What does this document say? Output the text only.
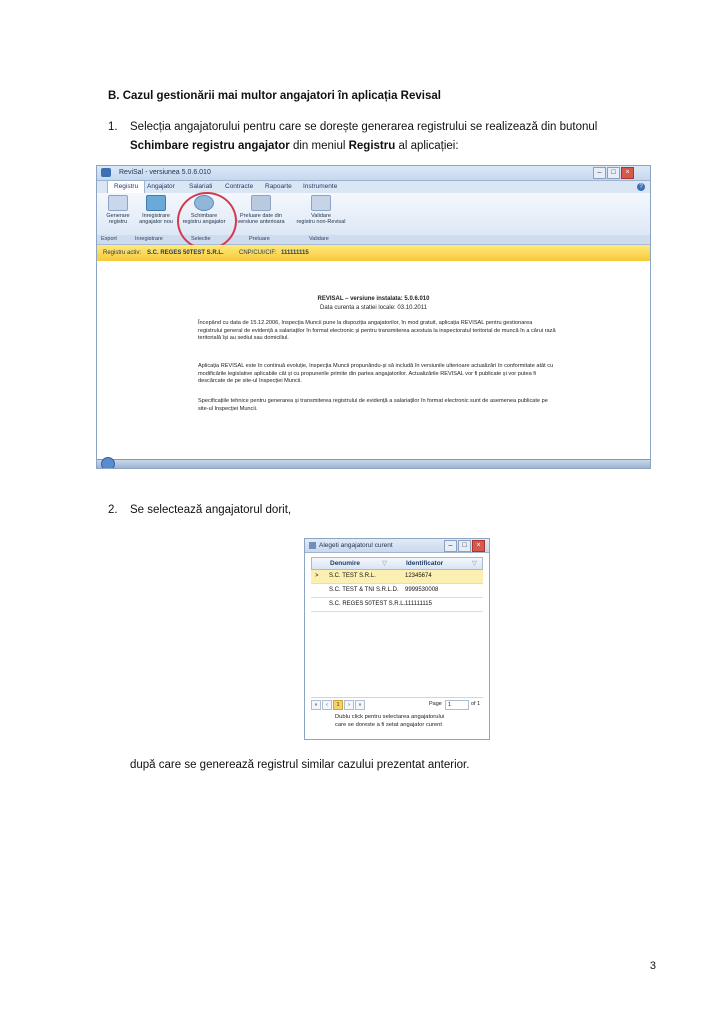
B. Cazul gestionării mai multor angajatori în aplicația Revisal
1. Selecția angajatorului pentru care se dorește generarea registrului se realizează din butonul
Schimbare registru angajator din meniul Registru al aplicației:
ReviSal - versiunea 5.0.6.010	–	□	×
Registru	Angajator Salariati Contracte Rapoarte Instrumente	?
Generare
registru
Inregistrare
angajator nou
Schimbare
registru angajator
Preluare date din
versiune anterioara
Validare
registru non-Revisal
Export	Inregistrare	Selectie	Preluare	Validare
Registru activ: S.C. REGES 50TEST S.R.L.	CNP/CUI/CIF: 111111115
REVISAL – versiune instalata: 5.0.6.010
Data curenta a statiei locale: 03.10.2011
Începând cu data de 15.12.2006, Inspecția Muncii pune la dispoziția angajatorilor, în mod gratuit, aplicația REVISAL pentru gestionarea registrului general de evidență a salariaților în format electronic și pentru transmiterea acestuia la inspectoratul teritorial de muncă în a cărui rază teritorială își au sediul sau domiciliul.
Aplicația REVISAL este în continuă evoluție, Inspecția Muncii propunându-și să includă în versiunile ulterioare actualizări în conformitate atât cu modificările legislative aplicabile cât și cu propunerile primite din partea angajatorilor. Actualizările REVISAL vor fi publicate și vor putea fi descărcate de pe site-ul Inspecției Muncii.
Specificațiile tehnice pentru generarea și transmiterea registrului de evidență a salariaților în format electronic sunt de asemenea publicate pe site-ul Inspecției Muncii.
2. Se selectează angajatorul dorit,
Alegeti angajatorul curent	–	□	×
Denumire	▽	Identificator	▽
> S.C. TEST S.R.L.	12345674
S.C. TEST & TNI S.R.L.D. 9999530008
S.C. REGES 50TEST S.R.L. 111111115
«	‹	1	›	»	Page	1	of 1
Dublu click pentru selectarea angajatorului
care se doreste a fi setat angajator curent
după care se generează registrul similar cazului prezentat anterior.
3
